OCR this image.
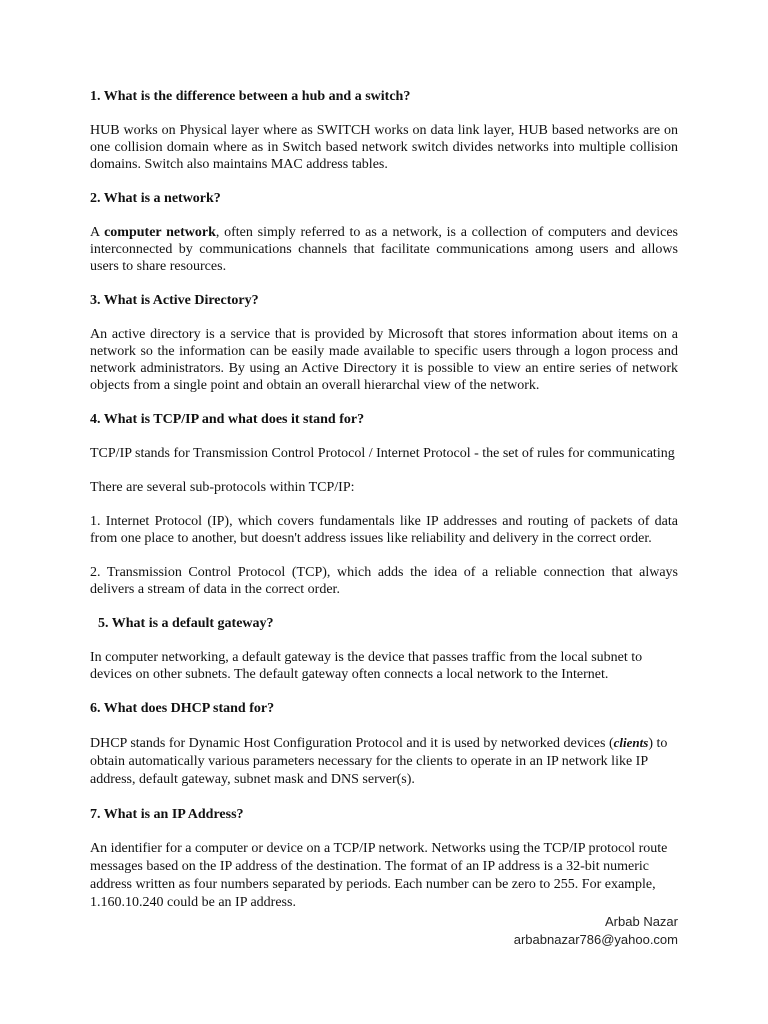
1. What is the difference between a hub and a switch?
HUB works on Physical layer where as SWITCH works on data link layer, HUB based networks are on one collision domain where as in Switch based network switch divides networks into multiple collision domains. Switch also maintains MAC address tables.
2. What is a network?
A computer network, often simply referred to as a network, is a collection of computers and devices interconnected by communications channels that facilitate communications among users and allows users to share resources.
3. What is Active Directory?
An active directory is a service that is provided by Microsoft that stores information about items on a network so the information can be easily made available to specific users through a logon process and network administrators. By using an Active Directory it is possible to view an entire series of network objects from a single point and obtain an overall hierarchal view of the network.
4. What is TCP/IP and what does it stand for?
TCP/IP stands for Transmission Control Protocol / Internet Protocol - the set of rules for communicating
There are several sub-protocols within TCP/IP:
1. Internet Protocol (IP), which covers fundamentals like IP addresses and routing of packets of data from one place to another, but doesn't address issues like reliability and delivery in the correct order.
2. Transmission Control Protocol (TCP), which adds the idea of a reliable connection that always delivers a stream of data in the correct order.
5. What is a default gateway?
In computer networking, a default gateway is the device that passes traffic from the local subnet to devices on other subnets. The default gateway often connects a local network to the Internet.
6. What does DHCP stand for?
DHCP stands for Dynamic Host Configuration Protocol and it is used by networked devices (clients) to obtain automatically various parameters necessary for the clients to operate in an IP network like IP address, default gateway, subnet mask and DNS server(s).
7. What is an IP Address?
An identifier for a computer or device on a TCP/IP network. Networks using the TCP/IP protocol route messages based on the IP address of the destination. The format of an IP address is a 32-bit numeric address written as four numbers separated by periods. Each number can be zero to 255. For example, 1.160.10.240 could be an IP address.
Arbab Nazar
arbabnazar786@yahoo.com
